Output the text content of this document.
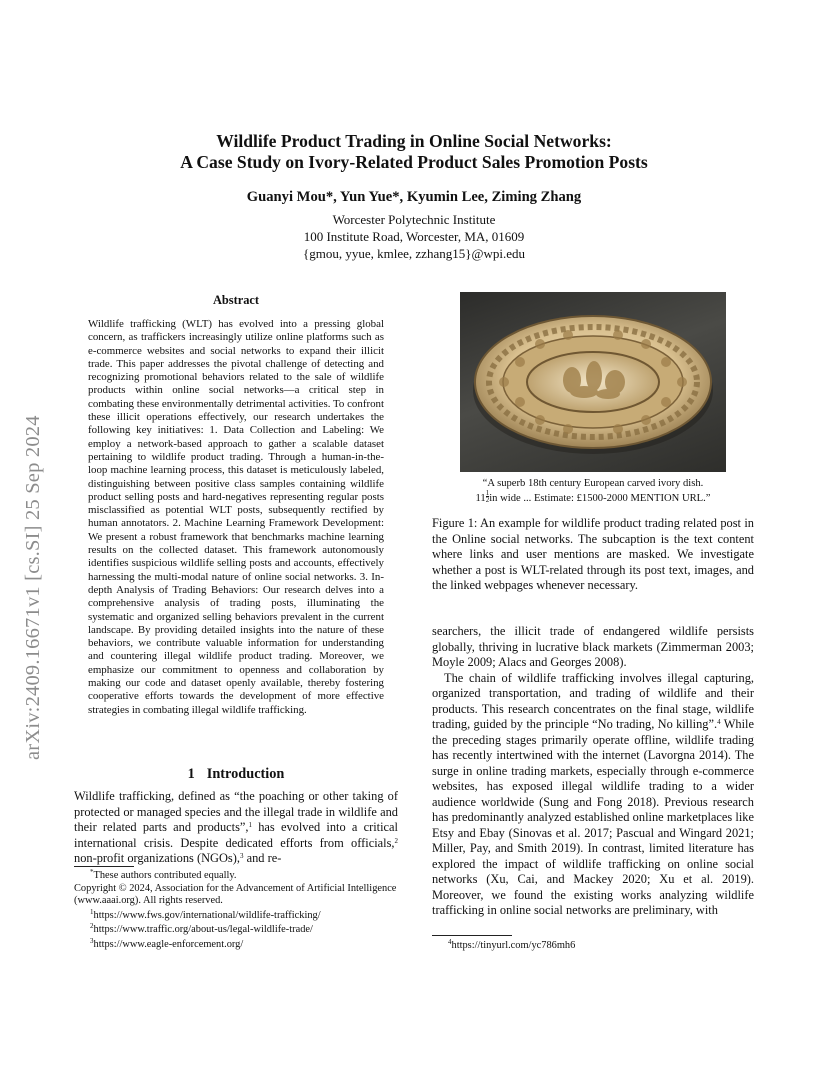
arXiv:2409.16671v1 [cs.SI] 25 Sep 2024
Wildlife Product Trading in Online Social Networks:
A Case Study on Ivory-Related Product Sales Promotion Posts
Guanyi Mou*, Yun Yue*, Kyumin Lee, Ziming Zhang
Worcester Polytechnic Institute
100 Institute Road, Worcester, MA, 01609
{gmou, yyue, kmlee, zzhang15}@wpi.edu
Abstract
Wildlife trafficking (WLT) has evolved into a pressing global concern, as traffickers increasingly utilize online platforms such as e-commerce websites and social networks to expand their illicit trade. This paper addresses the pivotal challenge of detecting and recognizing promotional behaviors related to the sale of wildlife products within online social networks—a critical step in combating these environmentally detrimental activities. To confront these illicit operations effectively, our research undertakes the following key initiatives: 1. Data Collection and Labeling: We employ a network-based approach to gather a scalable dataset pertaining to wildlife product trading. Through a human-in-the-loop machine learning process, this dataset is meticulously labeled, distinguishing between positive class samples containing wildlife product selling posts and hard-negatives representing regular posts misclassified as potential WLT posts, subsequently rectified by human annotators. 2. Machine Learning Framework Development: We present a robust framework that benchmarks machine learning results on the collected dataset. This framework autonomously identifies suspicious wildlife selling posts and accounts, effectively harnessing the multi-modal nature of online social networks. 3. In-depth Analysis of Trading Behaviors: Our research delves into a comprehensive analysis of trading posts, illuminating the systematic and organized selling behaviors prevalent in the current landscape. By providing detailed insights into the nature of these behaviors, we contribute valuable information for understanding and countering illegal wildlife product trading. Moreover, we emphasize our commitment to openness and collaboration by making our code and dataset openly available, thereby fostering cooperative efforts towards the development of more effective strategies in combating illegal wildlife trafficking.
1 Introduction
Wildlife trafficking, defined as “the poaching or other taking of protected or managed species and the illegal trade in wildlife and their related parts and products”,$^1$ has evolved into a critical international crisis. Despite dedicated efforts from officials,$^2$ non-profit organizations (NGOs),$^3$ and re-

*These authors contributed equally.

Copyright © 2024, Association for the Advancement of Artificial Intelligence (www.aaai.org). All rights reserved.

$^1$https://www.fws.gov/international/wildlife-trafficking/

$^2$https://www.traffic.org/about-us/legal-wildlife-trade/

$^3$https://www.eagle-enforcement.org/

“A superb 18th century European carved ivory dish.
$11 \frac{1}{2}$ in wide ... Estimate: £1500-2000 MENTION URL.”
Figure 1: An example for wildlife product trading related post in the Online social networks. The subcaption is the text content where links and user mentions are masked. We investigate whether a post is WLT-related through its post text, images, and the linked webpages whenever necessary.

searchers, the illicit trade of endangered wildlife persists globally, thriving in lucrative black markets (Zimmerman 2003; Moyle 2009; Alacs and Georges 2008).

The chain of wildlife trafficking involves illegal capturing, organized transportation, and trading of wildlife and their products. This research concentrates on the final stage, wildlife trading, guided by the principle “No trading, No killing”.$^4$ While the preceding stages primarily operate offline, wildlife trading has recently intertwined with the internet (Lavorgna 2014). The surge in online trading markets, especially through e-commerce websites, has exposed illegal wildlife trading to a wider audience worldwide (Sung and Fong 2018). Previous research has predominantly analyzed established online marketplaces like Etsy and Ebay (Sinovas et al. 2017; Pascual and Wingard 2021; Miller, Pay, and Smith 2019). In contrast, limited literature has explored the impact of wildlife trafficking on online social networks (Xu, Cai, and Mackey 2020; Xu et al. 2019). Moreover, we found the existing works analyzing wildlife trafficking in online social networks are preliminary, with

$^4$https://tinyurl.com/yc786mh6
